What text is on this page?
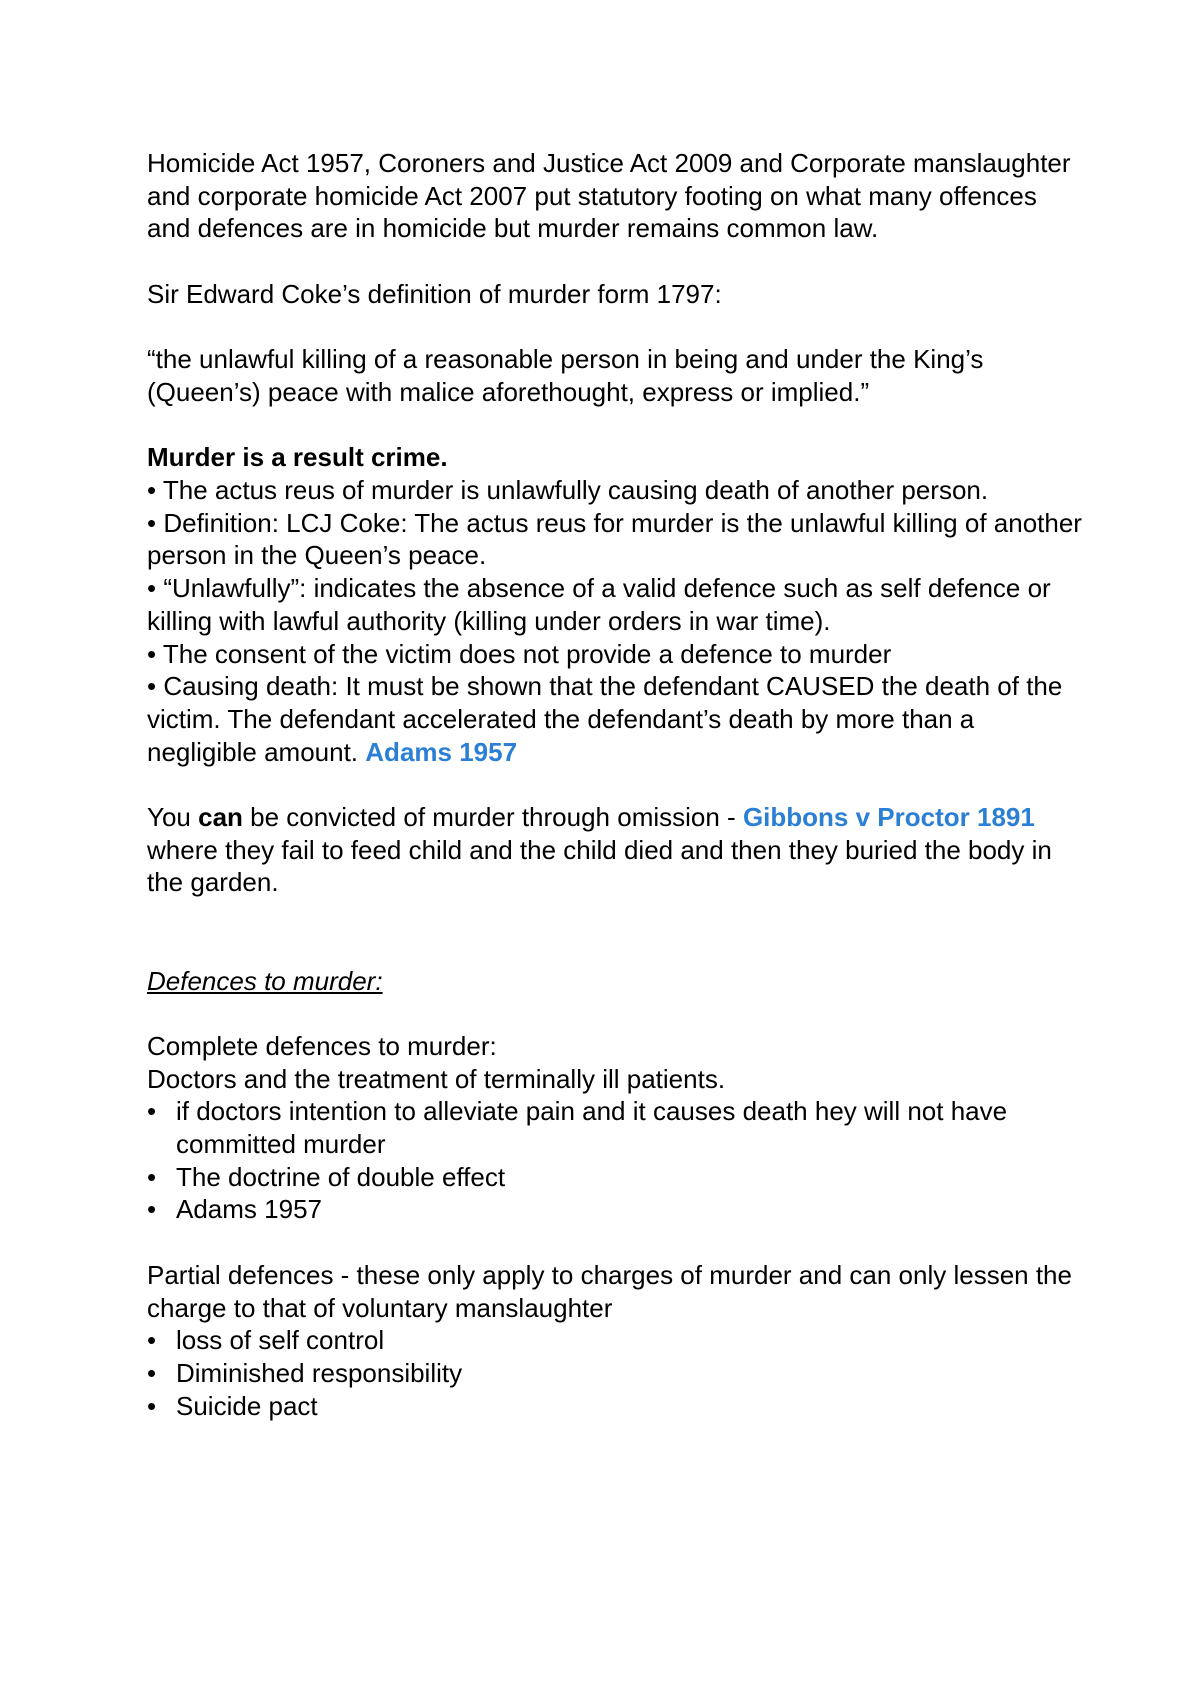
Homicide Act 1957, Coroners and Justice Act 2009 and Corporate manslaughter and corporate homicide Act 2007 put statutory footing on what many offences and defences are in homicide but murder remains common law.

Sir Edward Coke’s definition of murder form 1797:

“the unlawful killing of a reasonable person in being and under the King’s (Queen’s) peace with malice aforethought, express or implied.”

Murder is a result crime.

• The actus reus of murder is unlawfully causing death of another person.

• Definition: LCJ Coke: The actus reus for murder is the unlawful killing of another person in the Queen’s peace.

• “Unlawfully”: indicates the absence of a valid defence such as self defence or killing with lawful authority (killing under orders in war time).

• The consent of the victim does not provide a defence to murder

• Causing death: It must be shown that the defendant CAUSED the death of the victim. The defendant accelerated the defendant’s death by more than a negligible amount. Adams 1957

You can be convicted of murder through omission - Gibbons v Proctor 1891 where they fail to feed child and the child died and then they buried the body in the garden.

Defences to murder:

Complete defences to murder:

Doctors and the treatment of terminally ill patients.

• if doctors intention to alleviate pain and it causes death hey will not have committed murder
• The doctrine of double effect
• Adams 1957

Partial defences - these only apply to charges of murder and can only lessen the charge to that of voluntary manslaughter

• loss of self control
• Diminished responsibility
• Suicide pact
